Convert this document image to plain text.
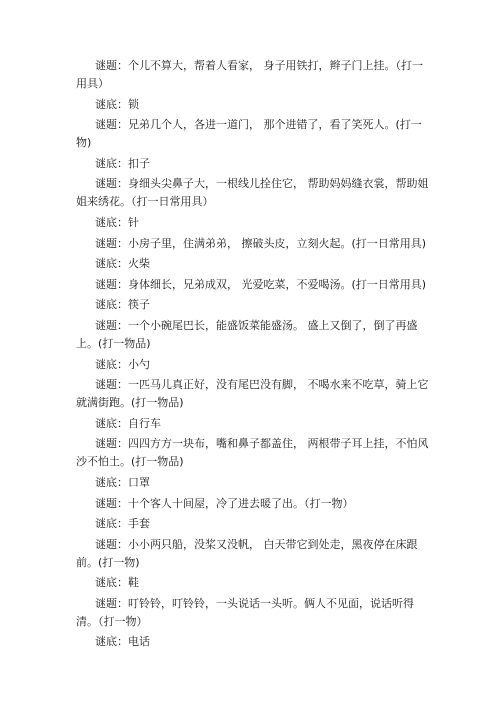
谜题：个儿不算大，帮着人看家， 身子用铁打，辫子门上挂。（打一用具）

谜底：锁

谜题：兄弟几个人，各进一道门， 那个进错了，看了笑死人。(打一物)

谜底：扣子

谜题：身细头尖鼻子大，一根线儿拴住它， 帮助妈妈缝衣裳，帮助姐姐来绣花。（打一日常用具）

谜底：针

谜题：小房子里，住满弟弟， 擦破头皮，立刻火起。(打一日常用具)

谜底：火柴

谜题：身体细长，兄弟成双， 光爱吃菜，不爱喝汤。(打一日常用具)

谜底：筷子

谜题：一个小碗尾巴长，能盛饭菜能盛汤。 盛上又倒了，倒了再盛上。(打一物品)

谜底：小勺

谜题：一匹马儿真正好，没有尾巴没有脚， 不喝水来不吃草，骑上它就满街跑。(打一物品)

谜底：自行车

谜题：四四方方一块布，嘴和鼻子都盖住， 两根带子耳上挂，不怕风沙不怕土。(打一物品)

谜底：口罩

谜题：十个客人十间屋，冷了进去暖了出。（打一物）

谜底：手套

谜题：小小两只船，没桨又没帆， 白天带它到处走，黑夜停在床跟前。(打一物)

谜底：鞋

谜题：叮铃铃，叮铃铃，一头说话一头听。俩人不见面，说话听得清。（打一物）

谜底：电话
